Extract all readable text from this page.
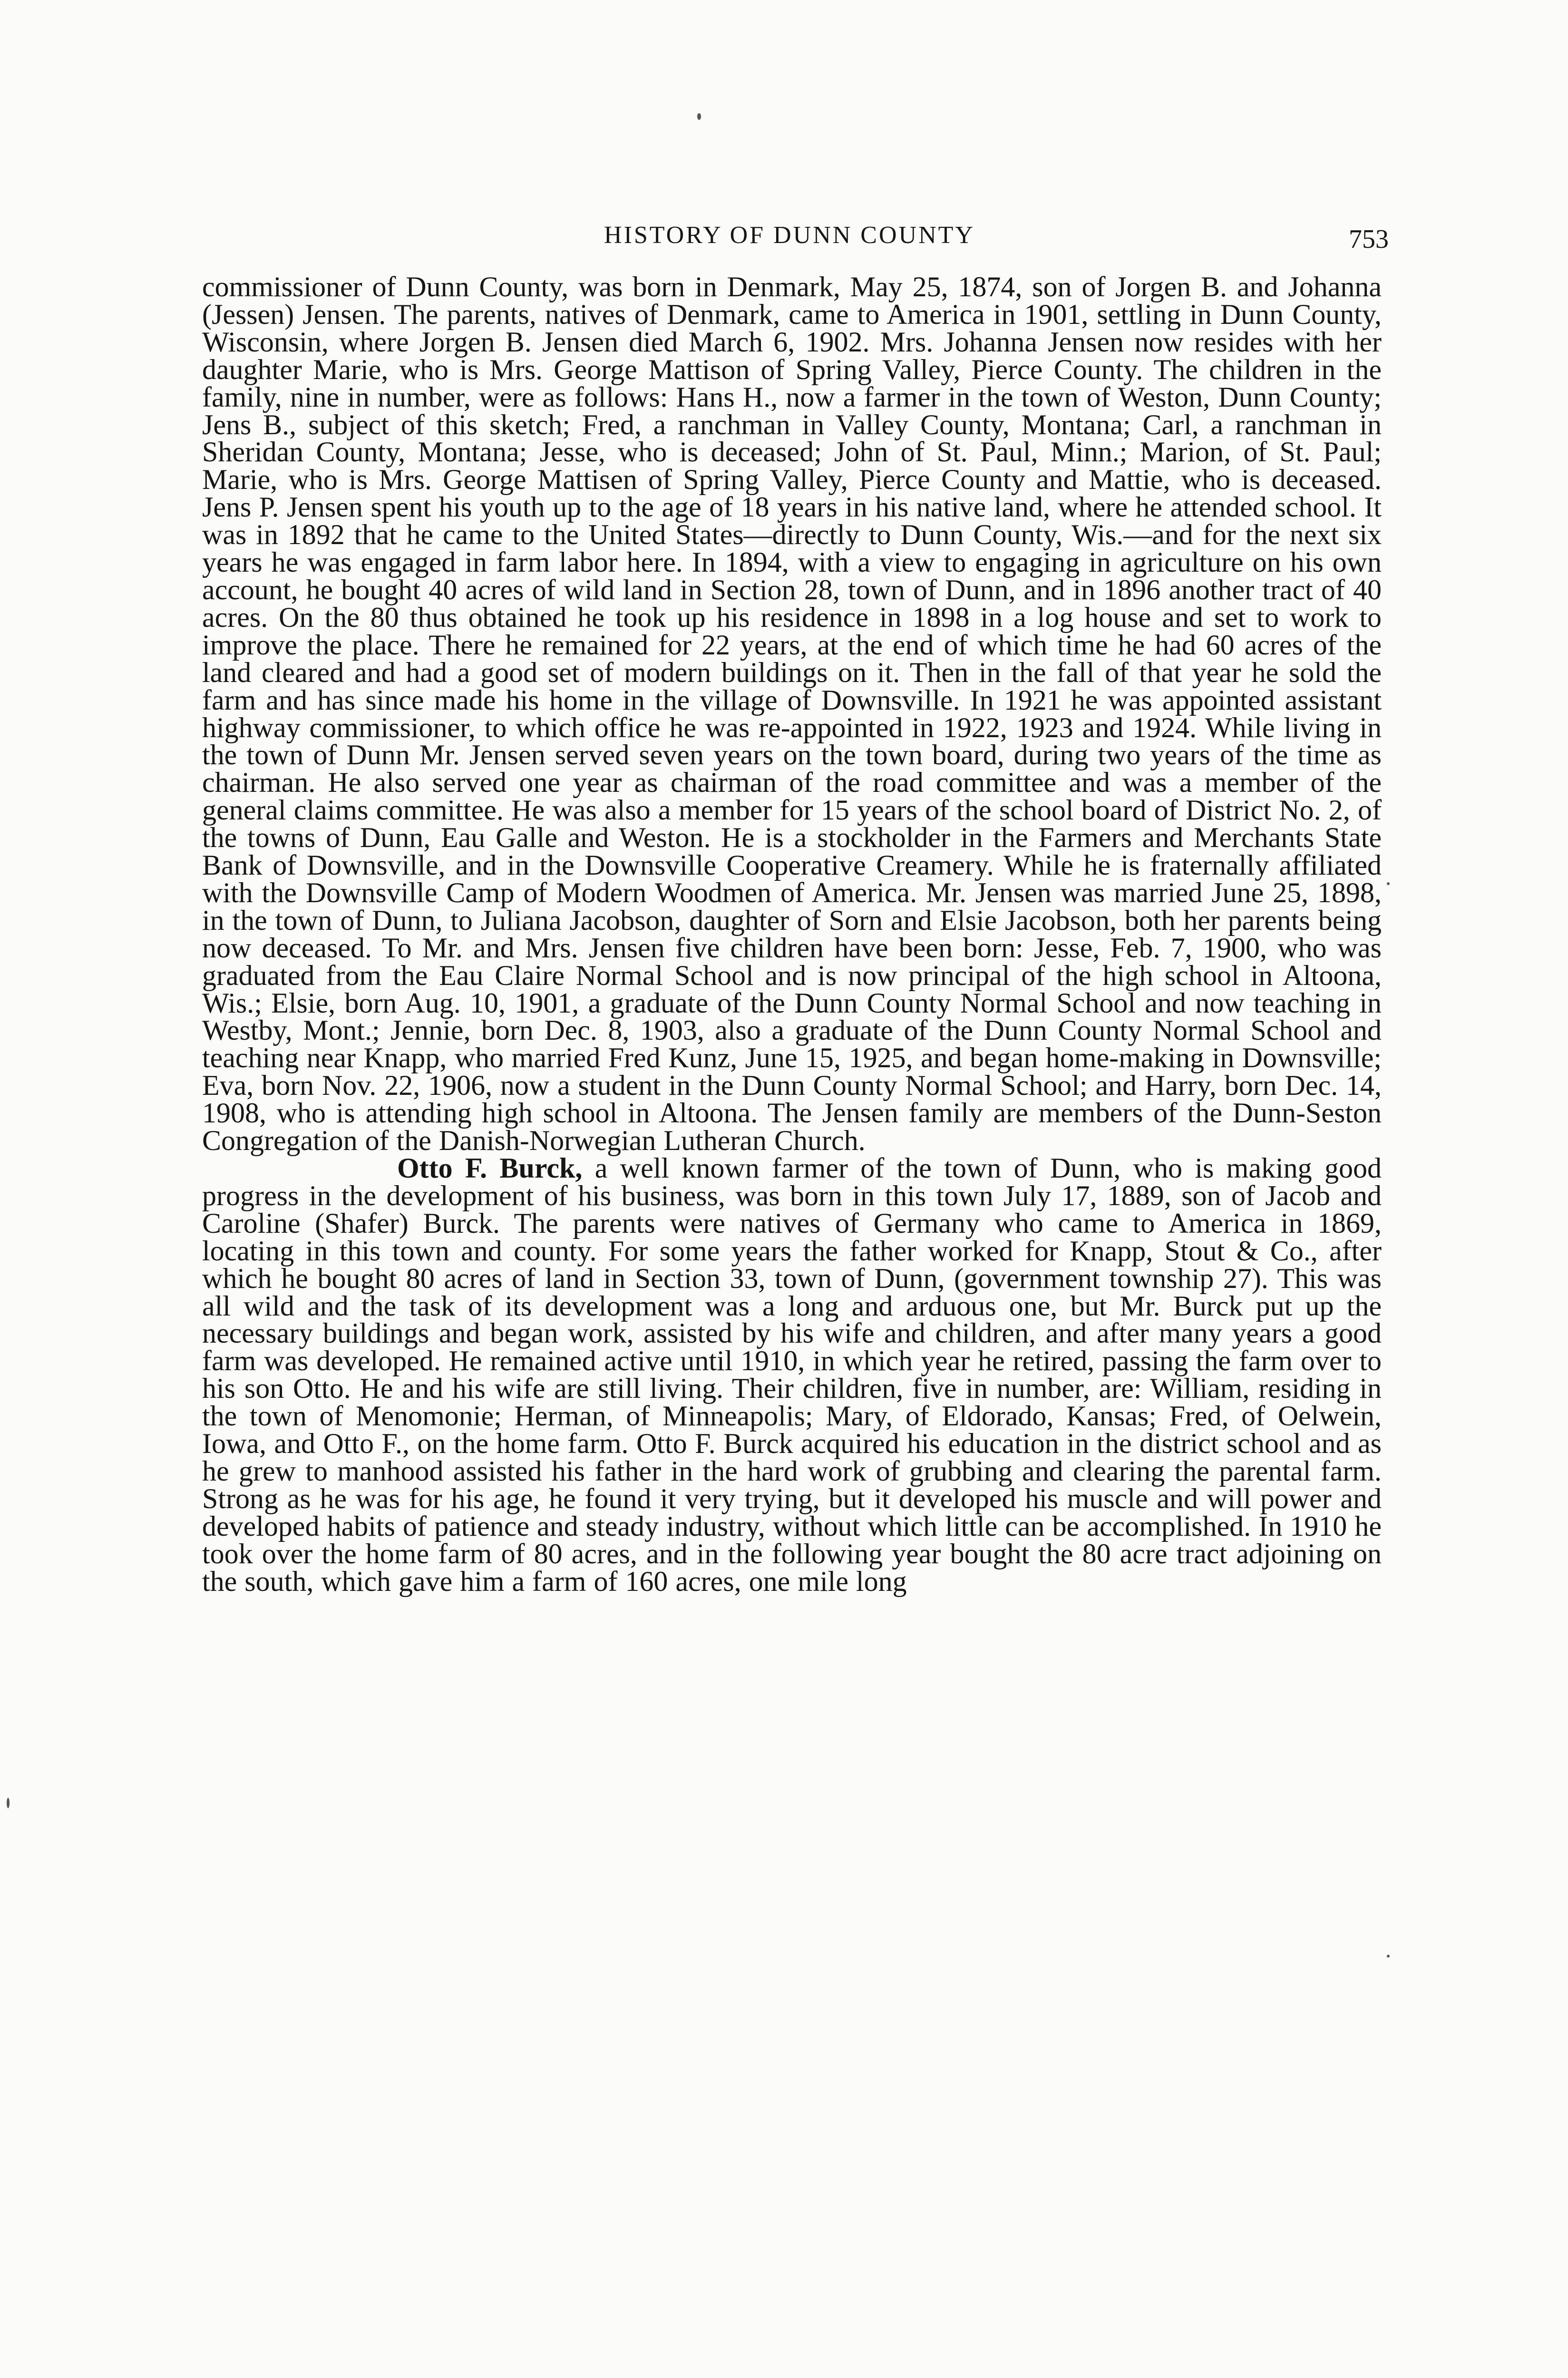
HISTORY OF DUNN COUNTY	753

commissioner of Dunn County, was born in Denmark, May 25, 1874, son of Jorgen B. and Johanna (Jessen) Jensen. The parents, natives of Denmark, came to America in 1901, settling in Dunn County, Wisconsin, where Jorgen B. Jensen died March 6, 1902. Mrs. Johanna Jensen now resides with her daughter Marie, who is Mrs. George Mattison of Spring Valley, Pierce County. The children in the family, nine in number, were as follows: Hans H., now a farmer in the town of Weston, Dunn County; Jens B., subject of this sketch; Fred, a ranchman in Valley County, Montana; Carl, a ranchman in Sheridan County, Montana; Jesse, who is deceased; John of St. Paul, Minn.; Marion, of St. Paul; Marie, who is Mrs. George Mattisen of Spring Valley, Pierce County and Mattie, who is deceased. Jens P. Jensen spent his youth up to the age of 18 years in his native land, where he attended school. It was in 1892 that he came to the United States—directly to Dunn County, Wis.—and for the next six years he was engaged in farm labor here. In 1894, with a view to engaging in agriculture on his own account, he bought 40 acres of wild land in Section 28, town of Dunn, and in 1896 another tract of 40 acres. On the 80 thus obtained he took up his residence in 1898 in a log house and set to work to improve the place. There he remained for 22 years, at the end of which time he had 60 acres of the land cleared and had a good set of modern buildings on it. Then in the fall of that year he sold the farm and has since made his home in the village of Downsville. In 1921 he was appointed assistant highway commissioner, to which office he was re-appointed in 1922, 1923 and 1924. While living in the town of Dunn Mr. Jensen served seven years on the town board, during two years of the time as chairman. He also served one year as chairman of the road committee and was a member of the general claims committee. He was also a member for 15 years of the school board of District No. 2, of the towns of Dunn, Eau Galle and Weston. He is a stockholder in the Farmers and Merchants State Bank of Downsville, and in the Downsville Cooperative Creamery. While he is fraternally affiliated with the Downsville Camp of Modern Woodmen of America. Mr. Jensen was married June 25, 1898, in the town of Dunn, to Juliana Jacobson, daughter of Sorn and Elsie Jacobson, both her parents being now deceased. To Mr. and Mrs. Jensen five children have been born: Jesse, Feb. 7, 1900, who was graduated from the Eau Claire Normal School and is now principal of the high school in Altoona, Wis.; Elsie, born Aug. 10, 1901, a graduate of the Dunn County Normal School and now teaching in Westby, Mont.; Jennie, born Dec. 8, 1903, also a graduate of the Dunn County Normal School and teaching near Knapp, who married Fred Kunz, June 15, 1925, and began home-making in Downsville; Eva, born Nov. 22, 1906, now a student in the Dunn County Normal School; and Harry, born Dec. 14, 1908, who is attending high school in Altoona. The Jensen family are members of the Dunn-Seston Congregation of the Danish-Norwegian Lutheran Church.

Otto F. Burck, a well known farmer of the town of Dunn, who is making good progress in the development of his business, was born in this town July 17, 1889, son of Jacob and Caroline (Shafer) Burck. The parents were natives of Germany who came to America in 1869, locating in this town and county. For some years the father worked for Knapp, Stout & Co., after which he bought 80 acres of land in Section 33, town of Dunn, (government township 27). This was all wild and the task of its development was a long and arduous one, but Mr. Burck put up the necessary buildings and began work, assisted by his wife and children, and after many years a good farm was developed. He remained active until 1910, in which year he retired, passing the farm over to his son Otto. He and his wife are still living. Their children, five in number, are: William, residing in the town of Menomonie; Herman, of Minneapolis; Mary, of Eldorado, Kansas; Fred, of Oelwein, Iowa, and Otto F., on the home farm. Otto F. Burck acquired his education in the district school and as he grew to manhood assisted his father in the hard work of grubbing and clearing the parental farm. Strong as he was for his age, he found it very trying, but it developed his muscle and will power and developed habits of patience and steady industry, without which little can be accomplished. In 1910 he took over the home farm of 80 acres, and in the following year bought the 80 acre tract adjoining on the south, which gave him a farm of 160 acres, one mile long
